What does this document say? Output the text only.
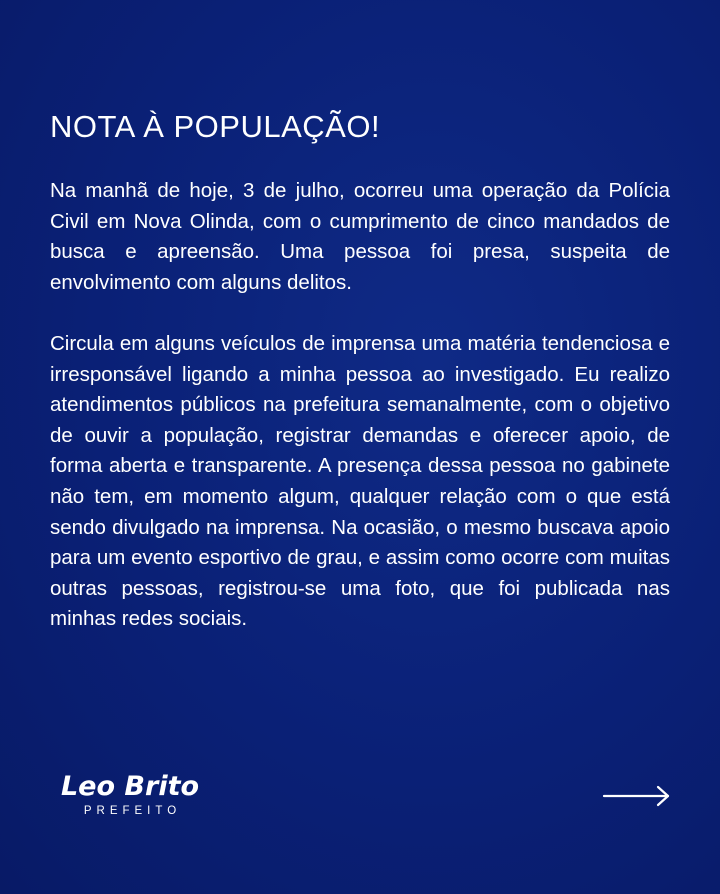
NOTA À POPULAÇÃO!

Na manhã de hoje, 3 de julho, ocorreu uma operação da Polícia Civil em Nova Olinda, com o cumprimento de cinco mandados de busca e apreensão. Uma pessoa foi presa, suspeita de envolvimento com alguns delitos.

Circula em alguns veículos de imprensa uma matéria tendenciosa e irresponsável ligando a minha pessoa ao investigado. Eu realizo atendimentos públicos na prefeitura semanalmente, com o objetivo de ouvir a população, registrar demandas e oferecer apoio, de forma aberta e transparente. A presença dessa pessoa no gabinete não tem, em momento algum, qualquer relação com o que está sendo divulgado na imprensa. Na ocasião, o mesmo buscava apoio para um evento esportivo de grau, e assim como ocorre com muitas outras pessoas, registrou-se uma foto, que foi publicada nas minhas redes sociais.

Leo Brito
PREFEITO
